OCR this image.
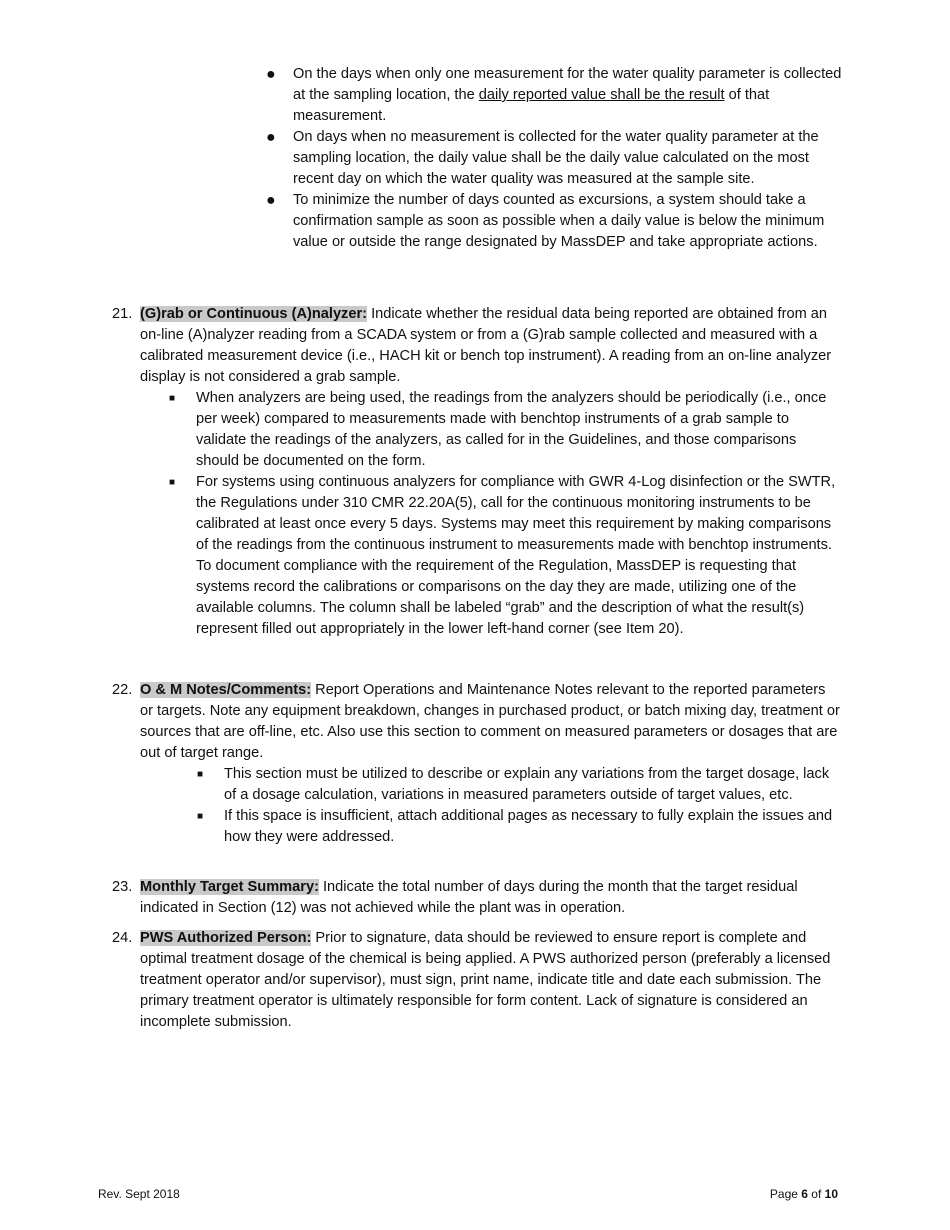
● On the days when only one measurement for the water quality parameter is collected at the sampling location, the daily reported value shall be the result of that measurement.
● On days when no measurement is collected for the water quality parameter at the sampling location, the daily value shall be the daily value calculated on the most recent day on which the water quality was measured at the sample site.
● To minimize the number of days counted as excursions, a system should take a confirmation sample as soon as possible when a daily value is below the minimum value or outside the range designated by MassDEP and take appropriate actions.
21. (G)rab or Continuous (A)nalyzer: Indicate whether the residual data being reported are obtained from an on-line (A)nalyzer reading from a SCADA system or from a (G)rab sample collected and measured with a calibrated measurement device (i.e., HACH kit or bench top instrument). A reading from an on-line analyzer display is not considered a grab sample.
■ When analyzers are being used, the readings from the analyzers should be periodically (i.e., once per week) compared to measurements made with benchtop instruments of a grab sample to validate the readings of the analyzers, as called for in the Guidelines, and those comparisons should be documented on the form.
■ For systems using continuous analyzers for compliance with GWR 4-Log disinfection or the SWTR, the Regulations under 310 CMR 22.20A(5), call for the continuous monitoring instruments to be calibrated at least once every 5 days. Systems may meet this requirement by making comparisons of the readings from the continuous instrument to measurements made with benchtop instruments. To document compliance with the requirement of the Regulation, MassDEP is requesting that systems record the calibrations or comparisons on the day they are made, utilizing one of the available columns. The column shall be labeled “grab” and the description of what the result(s) represent filled out appropriately in the lower left-hand corner (see Item 20).
22. O & M Notes/Comments: Report Operations and Maintenance Notes relevant to the reported parameters or targets. Note any equipment breakdown, changes in purchased product, or batch mixing day, treatment or sources that are off-line, etc. Also use this section to comment on measured parameters or dosages that are out of target range.
■ This section must be utilized to describe or explain any variations from the target dosage, lack of a dosage calculation, variations in measured parameters outside of target values, etc.
■ If this space is insufficient, attach additional pages as necessary to fully explain the issues and how they were addressed.
23. Monthly Target Summary: Indicate the total number of days during the month that the target residual indicated in Section (12) was not achieved while the plant was in operation.
24. PWS Authorized Person: Prior to signature, data should be reviewed to ensure report is complete and optimal treatment dosage of the chemical is being applied. A PWS authorized person (preferably a licensed treatment operator and/or supervisor), must sign, print name, indicate title and date each submission. The primary treatment operator is ultimately responsible for form content. Lack of signature is considered an incomplete submission.
Rev. Sept 2018	Page 6 of 10
